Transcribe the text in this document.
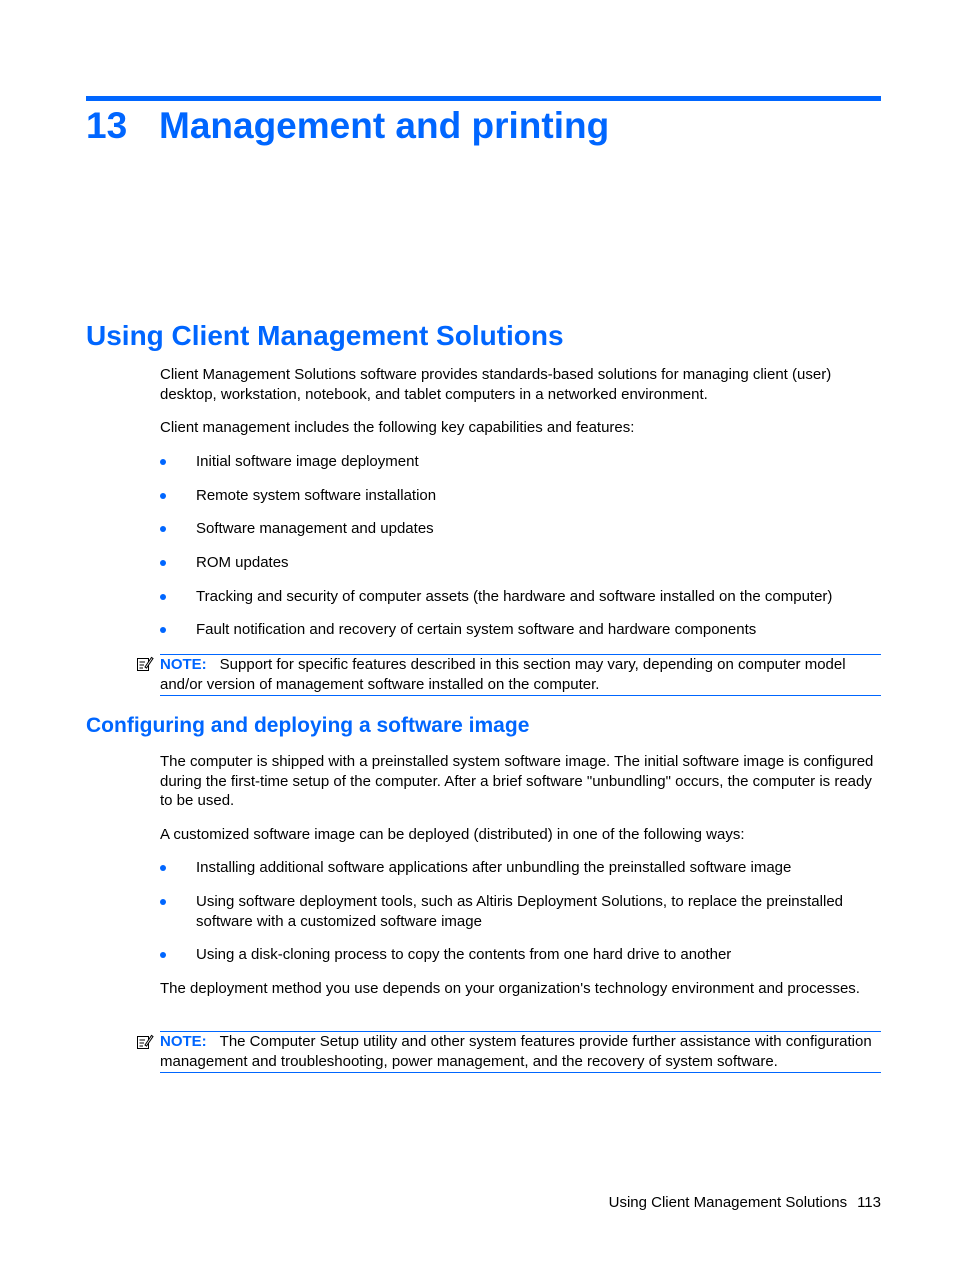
13 Management and printing
Using Client Management Solutions
Client Management Solutions software provides standards-based solutions for managing client (user) desktop, workstation, notebook, and tablet computers in a networked environment.
Client management includes the following key capabilities and features:
Initial software image deployment
Remote system software installation
Software management and updates
ROM updates
Tracking and security of computer assets (the hardware and software installed on the computer)
Fault notification and recovery of certain system software and hardware components
NOTE: Support for specific features described in this section may vary, depending on computer model and/or version of management software installed on the computer.
Configuring and deploying a software image
The computer is shipped with a preinstalled system software image. The initial software image is configured during the first-time setup of the computer. After a brief software "unbundling" occurs, the computer is ready to be used.
A customized software image can be deployed (distributed) in one of the following ways:
Installing additional software applications after unbundling the preinstalled software image
Using software deployment tools, such as Altiris Deployment Solutions, to replace the preinstalled software with a customized software image
Using a disk-cloning process to copy the contents from one hard drive to another
The deployment method you use depends on your organization's technology environment and processes.
NOTE: The Computer Setup utility and other system features provide further assistance with configuration management and troubleshooting, power management, and the recovery of system software.
Using Client Management Solutions 113
